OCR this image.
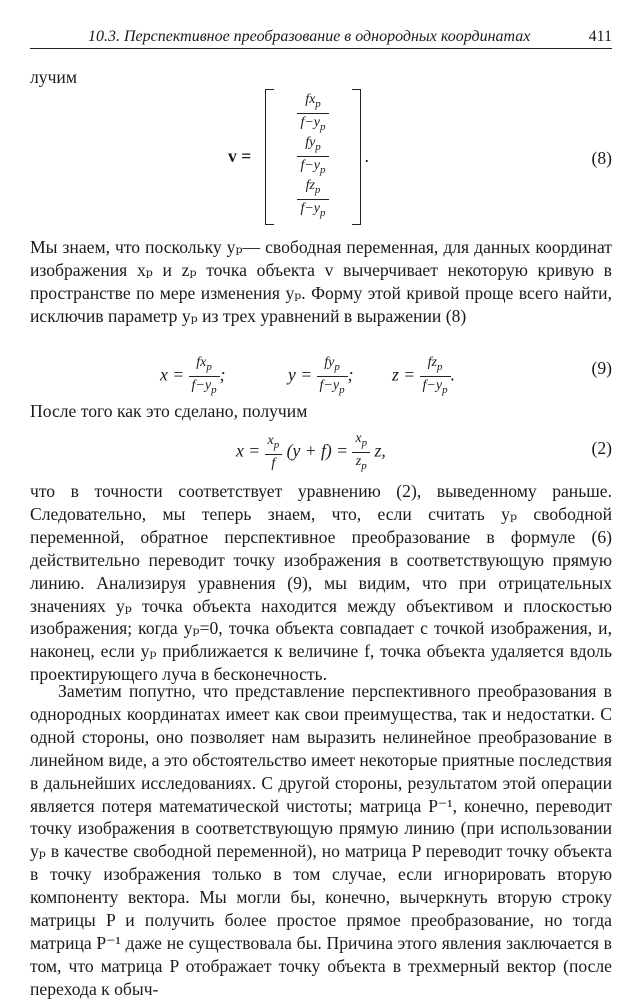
10.3. Перспективное преобразование в однородных координатах	411

лучим

v =
$\frac{fx_p}{f-y_p}$
$\frac{fy_p}{f-y_p}$
$\frac{fz_p}{f-y_p}$
.	(8)

Мы знаем, что поскольку yₚ— свободная переменная, для данных координат изображения xₚ и zₚ точка объекта v вычерчивает некоторую кривую в пространстве по мере изменения yₚ. Форму этой кривой проще всего найти, исключив параметр yₚ из трех уравнений в выражении (8)

$x = \frac{fx_p}{f-y_p}$ ;	$y = \frac{fy_p}{f-y_p}$ ; $z = \frac{fz_p}{f-y_p}$ .	(9)

После того как это сделано, получим

$x = \frac{x_p}{f} (y + f) = \frac{x_p}{z_p} z$,	(2)

что в точности соответствует уравнению (2), выведенному раньше. Следовательно, мы теперь знаем, что, если считать yₚ свободной переменной, обратное перспективное преобразование в формуле (6) действительно переводит точку изображения в соответствующую прямую линию. Анализируя уравнения (9), мы видим, что при отрицательных значениях yₚ точка объекта находится между объективом и плоскостью изображения; когда yₚ=0, точка объекта совпадает с точкой изображения, и, наконец, если yₚ приближается к величине f, точка объекта удаляется вдоль проектирующего луча в бесконечность.

Заметим попутно, что представление перспективного преобразования в однородных координатах имеет как свои преимущества, так и недостатки. С одной стороны, оно позволяет нам выразить нелинейное преобразование в линейном виде, а это обстоятельство имеет некоторые приятные последствия в дальнейших исследованиях. С другой стороны, результатом этой операции является потеря математической чистоты; матрица P⁻¹, конечно, переводит точку изображения в соответствующую прямую линию (при использовании yₚ в качестве свободной переменной), но матрица P переводит точку объекта в точку изображения только в том случае, если игнорировать вторую компоненту вектора. Мы могли бы, конечно, вычеркнуть вторую строку матрицы P и получить более простое прямое преобразование, но тогда матрица P⁻¹ даже не существовала бы. Причина этого явления заключается в том, что матрица P отображает точку объекта в трехмерный вектор (после перехода к обыч-
